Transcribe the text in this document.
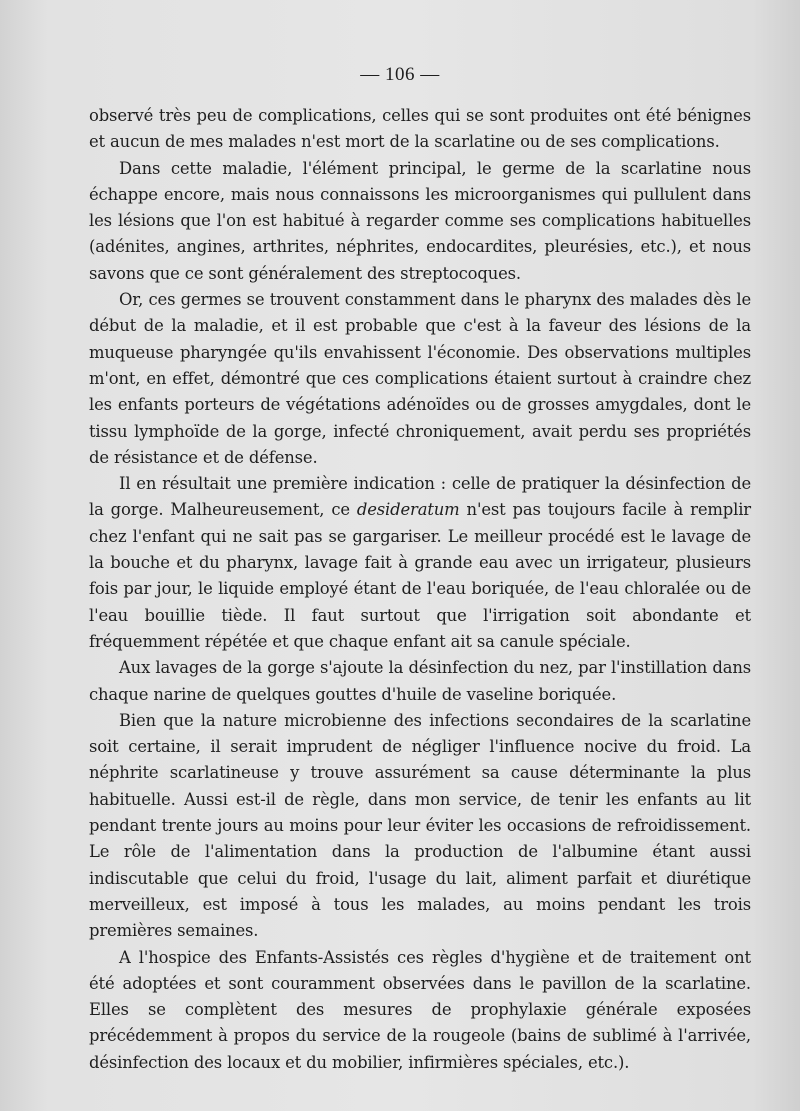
— 106 —

observé très peu de complications, celles qui se sont produites ont été bénignes et aucun de mes malades n'est mort de la scarlatine ou de ses complications.

Dans cette maladie, l'élément principal, le germe de la scarlatine nous échappe encore, mais nous connaissons les microorganismes qui pullulent dans les lésions que l'on est habitué à regarder comme ses complications habituelles (adénites, angines, arthrites, néphrites, endocardites, pleurésies, etc.), et nous savons que ce sont généralement des streptocoques.

Or, ces germes se trouvent constamment dans le pharynx des malades dès le début de la maladie, et il est probable que c'est à la faveur des lésions de la muqueuse pharyngée qu'ils envahissent l'économie. Des observations multiples m'ont, en effet, démontré que ces complications étaient surtout à craindre chez les enfants porteurs de végétations adénoïdes ou de grosses amygdales, dont le tissu lymphoïde de la gorge, infecté chroniquement, avait perdu ses propriétés de résistance et de défense.

Il en résultait une première indication : celle de pratiquer la désinfection de la gorge. Malheureusement, ce desideratum n'est pas toujours facile à remplir chez l'enfant qui ne sait pas se gargariser. Le meilleur procédé est le lavage de la bouche et du pharynx, lavage fait à grande eau avec un irrigateur, plusieurs fois par jour, le liquide employé étant de l'eau boriquée, de l'eau chloralée ou de l'eau bouillie tiède. Il faut surtout que l'irrigation soit abondante et fréquemment répétée et que chaque enfant ait sa canule spéciale.

Aux lavages de la gorge s'ajoute la désinfection du nez, par l'instillation dans chaque narine de quelques gouttes d'huile de vaseline boriquée.

Bien que la nature microbienne des infections secondaires de la scarlatine soit certaine, il serait imprudent de négliger l'influence nocive du froid. La néphrite scarlatineuse y trouve assurément sa cause déterminante la plus habituelle. Aussi est-il de règle, dans mon service, de tenir les enfants au lit pendant trente jours au moins pour leur éviter les occasions de refroidissement. Le rôle de l'alimentation dans la production de l'albumine étant aussi indiscutable que celui du froid, l'usage du lait, aliment parfait et diurétique merveilleux, est imposé à tous les malades, au moins pendant les trois premières semaines.

A l'hospice des Enfants-Assistés ces règles d'hygiène et de traitement ont été adoptées et sont couramment observées dans le pavillon de la scarlatine. Elles se complètent des mesures de prophylaxie générale exposées précédemment à propos du service de la rougeole (bains de sublimé à l'arrivée, désinfection des locaux et du mobilier, infirmières spéciales, etc.).
